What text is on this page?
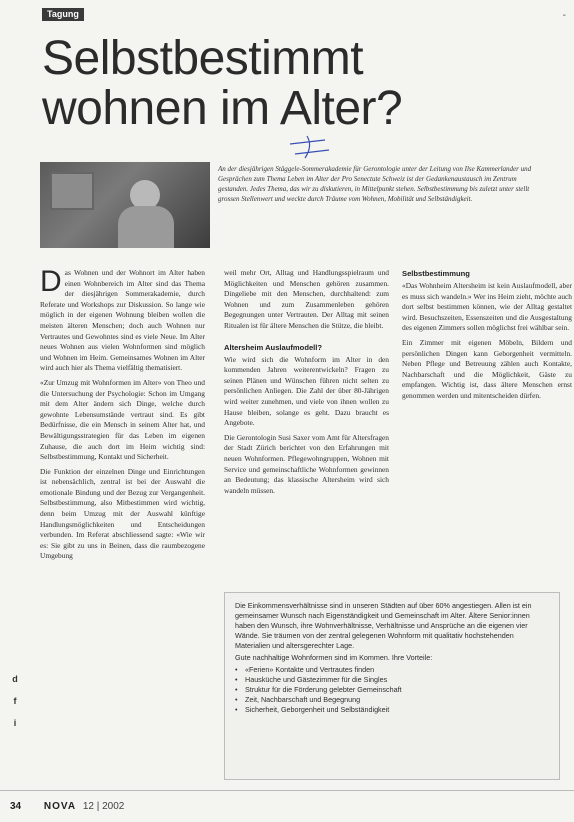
Tagung	-
Selbstbestimmt
wohnen im Alter?

An der diesjährigen Stäggele-Sommerakademie für Gerontologie unter der Leitung von Ilse Kammerlander und Gesprächen zum Thema Leben im Alter der Pro Senectute Schweiz ist der Gedankenaustausch im Zentrum gestanden. Jedes Thema, das wir zu diskutieren, in Mittelpunkt stehen. Selbstbestimmung bis zuletzt unter stellt grossen Stellenwert und weckte durch Träume vom Wohnen, Mobilität und Selbständigkeit.

Das Wohnen und der Wohnort im Alter haben einen Wohnbereich im Alter sind das Thema der diesjährigen Sommerakademie, durch Referate und Workshops zur Diskussion. So lange wie möglich in der eigenen Wohnung bleiben wollen die meisten älteren Menschen; doch auch Wohnen nur Vertrautes und Gewohntes sind es viele Neue. Im Alter neues Wohnen aus vielen Wohnformen sind möglich und Wohnen im Heim. Gemeinsames Wohnen im Alter wird auch hier als Thema vielfältig thematisiert.

«Zur Umzug mit Wohnformen im Alter» von Theo und die Untersuchung der Psychologie: Schon im Umgang mit dem Alter ändern sich Dinge, welche durch gewohnte Lebensumstände vertraut sind. Es gibt Bedürfnisse, die ein Mensch in seinem Alter hat, und Bewältigungsstrategien für das Leben im eigenen Zuhause, die auch dort im Heim wichtig sind: Selbstbestimmung, Kontakt und Sicherheit.

Die Funktion der einzelnen Dinge und Einrichtungen ist nebensächlich, zentral ist bei der Auswahl die emotionale Bindung und der Bezug zur Vergangenheit. Selbstbestimmung, also Mitbestimmen wird wichtig, denn beim Umzug mit der Auswahl künftige Handlungsmöglichkeiten und Entscheidungen verbunden. Im Referat abschliessend sagte: «Wie wir es: Sie gibt zu uns in Beinen, dass die raumbezogene Umgebung

weil mehr Ort, Alltag und Handlungsspielraum und Möglichkeiten und Menschen gehören zusammen. Dingeliebe mit den Menschen, durchhaltend: zum Wohnen und zum Zusammenleben gehören Begegnungen unter Vertrauten. Der Alltag mit seinen Ritualen ist für ältere Menschen die Stütze, die bleibt.

Altersheim Auslaufmodell?

Wie wird sich die Wohnform im Alter in den kommenden Jahren weiterentwickeln? Fragen zu seinen Plänen und Wünschen führen nicht selten zu persönlichen Anliegen. Die Zahl der über 80-Jährigen wird weiter zunehmen, und viele von ihnen wollen zu Hause bleiben, solange es geht. Dazu braucht es Angebote.

Die Gerontologin Susi Saxer vom Amt für Altersfragen der Stadt Zürich berichtet von den Erfahrungen mit neuen Wohnformen. Pflegewohngruppen, Wohnen mit Service und gemeinschaftliche Wohnformen gewinnen an Bedeutung; das klassische Altersheim wird sich wandeln müssen.

Selbstbestimmung

«Das Wohnheim Altersheim ist kein Auslaufmodell, aber es muss sich wandeln.» Wer ins Heim zieht, möchte auch dort selbst bestimmen können, wie der Alltag gestaltet wird. Besuchszeiten, Essenszeiten und die Ausgestaltung des eigenen Zimmers sollen möglichst frei wählbar sein.

Ein Zimmer mit eigenen Möbeln, Bildern und persönlichen Dingen kann Geborgenheit vermitteln. Neben Pflege und Betreuung zählen auch Kontakte, Nachbarschaft und die Möglichkeit, Gäste zu empfangen. Wichtig ist, dass ältere Menschen ernst genommen werden und mitentscheiden dürfen.

Die Einkommensverhältnisse sind in unseren Städten auf über 60% angestiegen. Allen ist ein gemeinsamer Wunsch nach Eigenständigkeit und Gemeinschaft im Alter. Ältere Senior:innen haben den Wunsch, ihre Wohnverhältnisse, Verhältnisse und Ansprüche an die eigenen vier Wände. Sie träumen von der zentral gelegenen Wohnform mit qualitativ hochstehenden Materialien und altersgerechter Lage.

Gute nachhaltige Wohnformen sind im Kommen. Ihre Vorteile:

• «Ferien» Kontakte und Vertrautes finden
• Hausküche und Gästezimmer für die Singles
• Struktur für die Förderung gelebter Gemeinschaft
• Zeit, Nachbarschaft und Begegnung
• Sicherheit, Geborgenheit und Selbständigkeit
d
f
i
34 NOVA 12 | 2002
